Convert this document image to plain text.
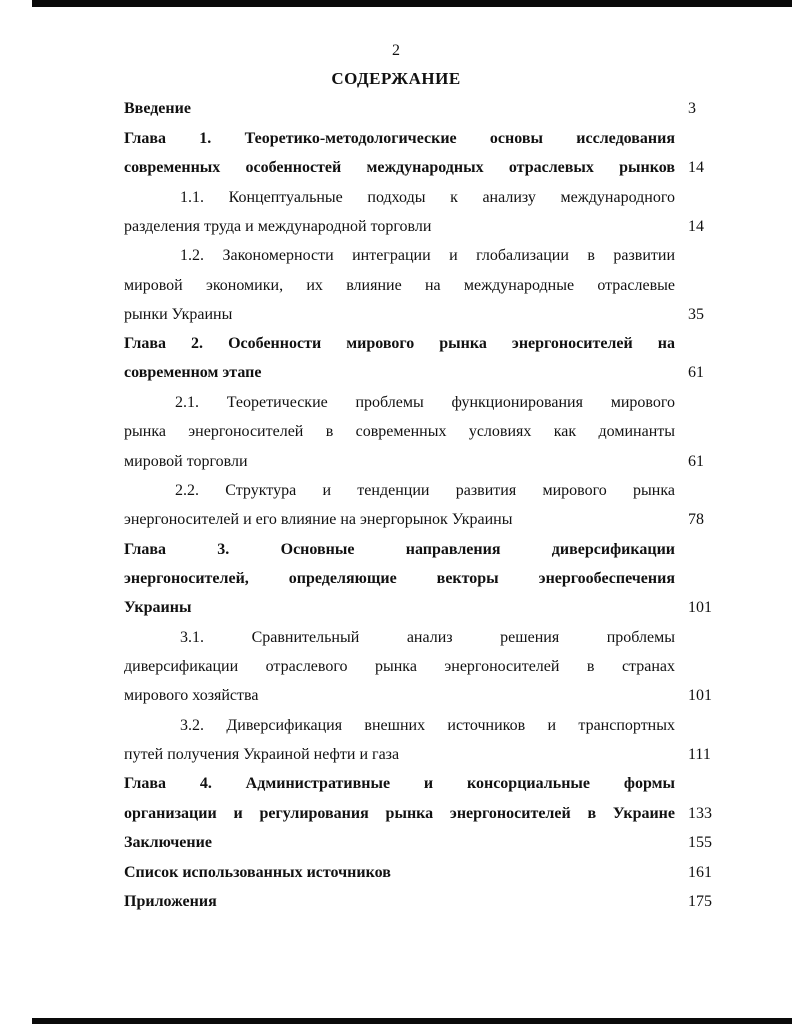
2
СОДЕРЖАНИЕ
Введение	3
Глава 1. Теоретико-методологические основы исследования
современных особенностей международных отраслевых рынков 14
1.1. Концептуальные подходы к анализу международного
разделения труда и международной торговли	14
1.2. Закономерности интеграции и глобализации в развитии
мировой экономики, их влияние на международные отраслевые
рынки Украины	35
Глава 2. Особенности мирового рынка энергоносителей на
современном этапе	61
2.1. Теоретические проблемы функционирования мирового
рынка энергоносителей в современных условиях как доминанты
мировой торговли	61
2.2. Структура и тенденции развития мирового рынка
энергоносителей и его влияние на энергорынок Украины	78
Глава 3. Основные направления диверсификации
энергоносителей, определяющие векторы энергообеспечения
Украины	101
3.1. Сравнительный анализ решения проблемы
диверсификации отраслевого рынка энергоносителей в странах
мирового хозяйства	101
3.2. Диверсификация внешних источников и транспортных
путей получения Украиной нефти и газа	111
Глава 4. Административные и консорциальные формы
организации и регулирования рынка энергоносителей в Украине 133
Заключение	155
Список использованных источников	161
Приложения	175
